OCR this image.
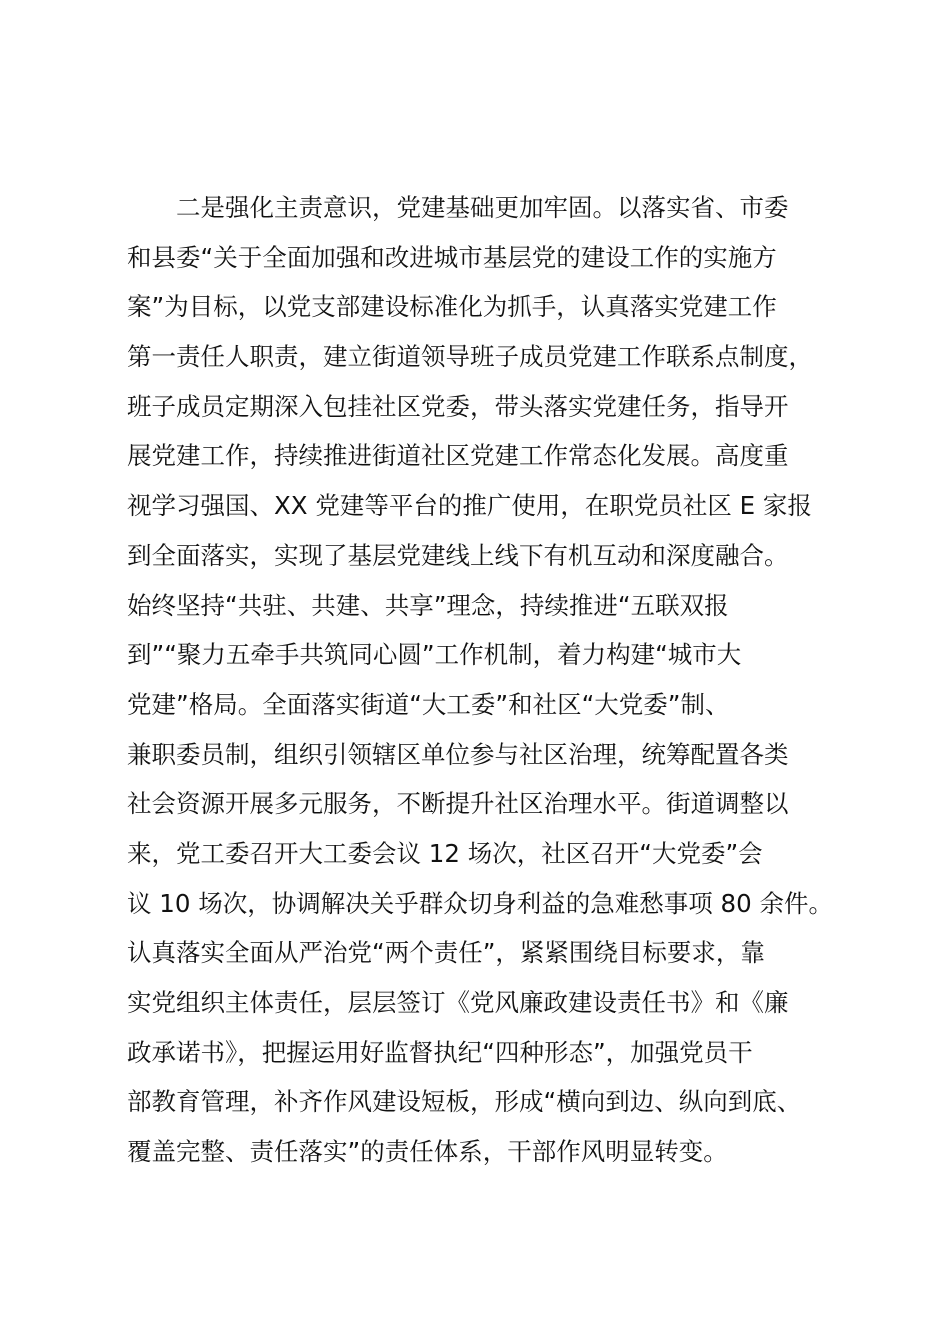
二是强化主责意识，党建基础更加牢固。以落实省、市委
和县委“关于全面加强和改进城市基层党的建设工作的实施方
案”为目标，以党支部建设标准化为抓手，认真落实党建工作
第一责任人职责，建立街道领导班子成员党建工作联系点制度，
班子成员定期深入包挂社区党委，带头落实党建任务，指导开
展党建工作，持续推进街道社区党建工作常态化发展。高度重
视学习强国、XX 党建等平台的推广使用，在职党员社区 E 家报
到全面落实，实现了基层党建线上线下有机互动和深度融合。
始终坚持“共驻、共建、共享”理念，持续推进“五联双报
到”“聚力五牵手共筑同心圆”工作机制，着力构建“城市大
党建”格局。全面落实街道“大工委”和社区“大党委”制、
兼职委员制，组织引领辖区单位参与社区治理，统筹配置各类
社会资源开展多元服务，不断提升社区治理水平。街道调整以
来，党工委召开大工委会议 12 场次，社区召开“大党委”会
议 10 场次，协调解决关乎群众切身利益的急难愁事项 80 余件。
认真落实全面从严治党“两个责任”，紧紧围绕目标要求，靠
实党组织主体责任，层层签订《党风廉政建设责任书》和《廉
政承诺书》，把握运用好监督执纪“四种形态”，加强党员干
部教育管理，补齐作风建设短板，形成“横向到边、纵向到底、
覆盖完整、责任落实”的责任体系，干部作风明显转变。
